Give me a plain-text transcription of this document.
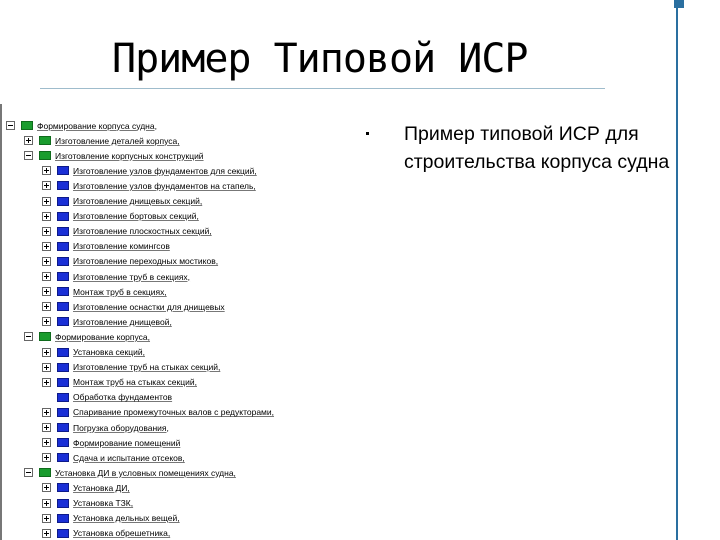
Пример Типовой ИСР
Формирование корпуса судна,
Изготовление деталей корпуса,
Изготовление корпусных конструкций
Изготовление узлов фундаментов для секций,
Изготовление узлов фундаментов на стапель,
Изготовление днищевых секций,
Изготовление бортовых секций,
Изготовление плоскостных секций,
Изготовление комингсов
Изготовление переходных мостиков,
Изготовление труб в секциях,
Монтаж труб в секциях,
Изготовление оснастки для днищевых
Изготовление днищевой,
Формирование корпуса,
Установка секций,
Изготовление труб на стыках секций,
Монтаж труб на стыках секций,
Обработка фундаментов
Спаривание промежуточных валов с редукторами,
Погрузка оборудования,
Формирование помещений
Сдача и испытание отсеков,
Установка ДИ в условных помещениях судна,
Установка ДИ,
Установка ТЗК,
Установка дельных вещей,
Установка обрешетника,
Пример типовой ИСР для строительства корпуса судна
